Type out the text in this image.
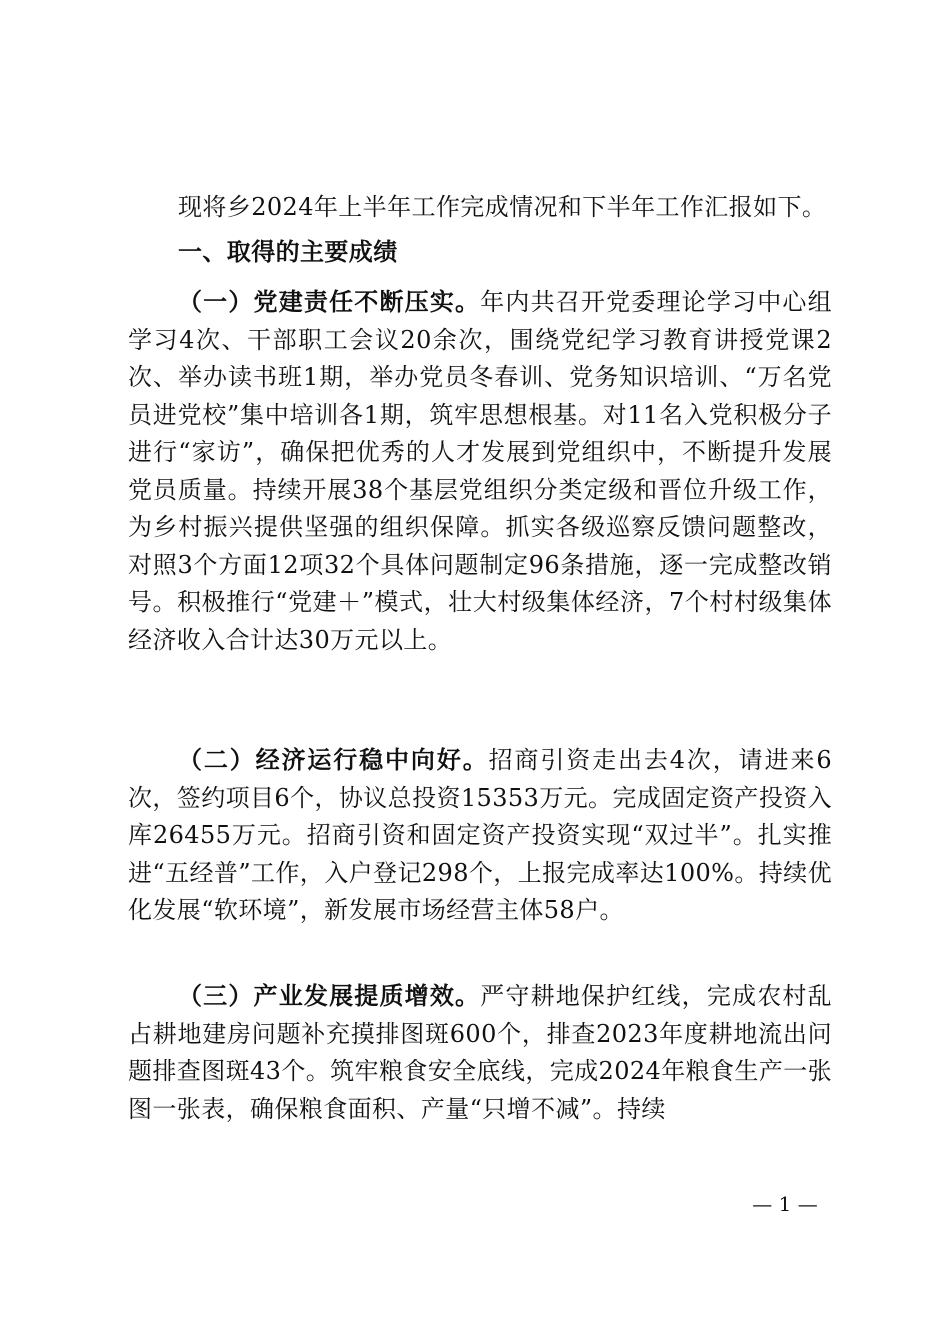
现将乡2024年上半年工作完成情况和下半年工作汇报如下。

一、取得的主要成绩

（一）党建责任不断压实。年内共召开党委理论学习中心组学习4次、干部职工会议20余次，围绕党纪学习教育讲授党课2次、举办读书班1期，举办党员冬春训、党务知识培训、“万名党员进党校”集中培训各1期，筑牢思想根基。对11名入党积极分子进行“家访”，确保把优秀的人才发展到党组织中，不断提升发展党员质量。持续开展38个基层党组织分类定级和晋位升级工作，为乡村振兴提供坚强的组织保障。抓实各级巡察反馈问题整改，对照3个方面12项32个具体问题制定96条措施，逐一完成整改销号。积极推行“党建＋”模式，壮大村级集体经济，7个村村级集体经济收入合计达30万元以上。

（二）经济运行稳中向好。招商引资走出去4次，请进来6次，签约项目6个，协议总投资15353万元。完成固定资产投资入库26455万元。招商引资和固定资产投资实现“双过半”。扎实推进“五经普”工作，入户登记298个，上报完成率达100%。持续优化发展“软环境”，新发展市场经营主体58户。

（三）产业发展提质增效。严守耕地保护红线，完成农村乱占耕地建房问题补充摸排图斑600个，排查2023年度耕地流出问题排查图斑43个。筑牢粮食安全底线，完成2024年粮食生产一张图一张表，确保粮食面积、产量“只增不减”。持续

— 1 —
